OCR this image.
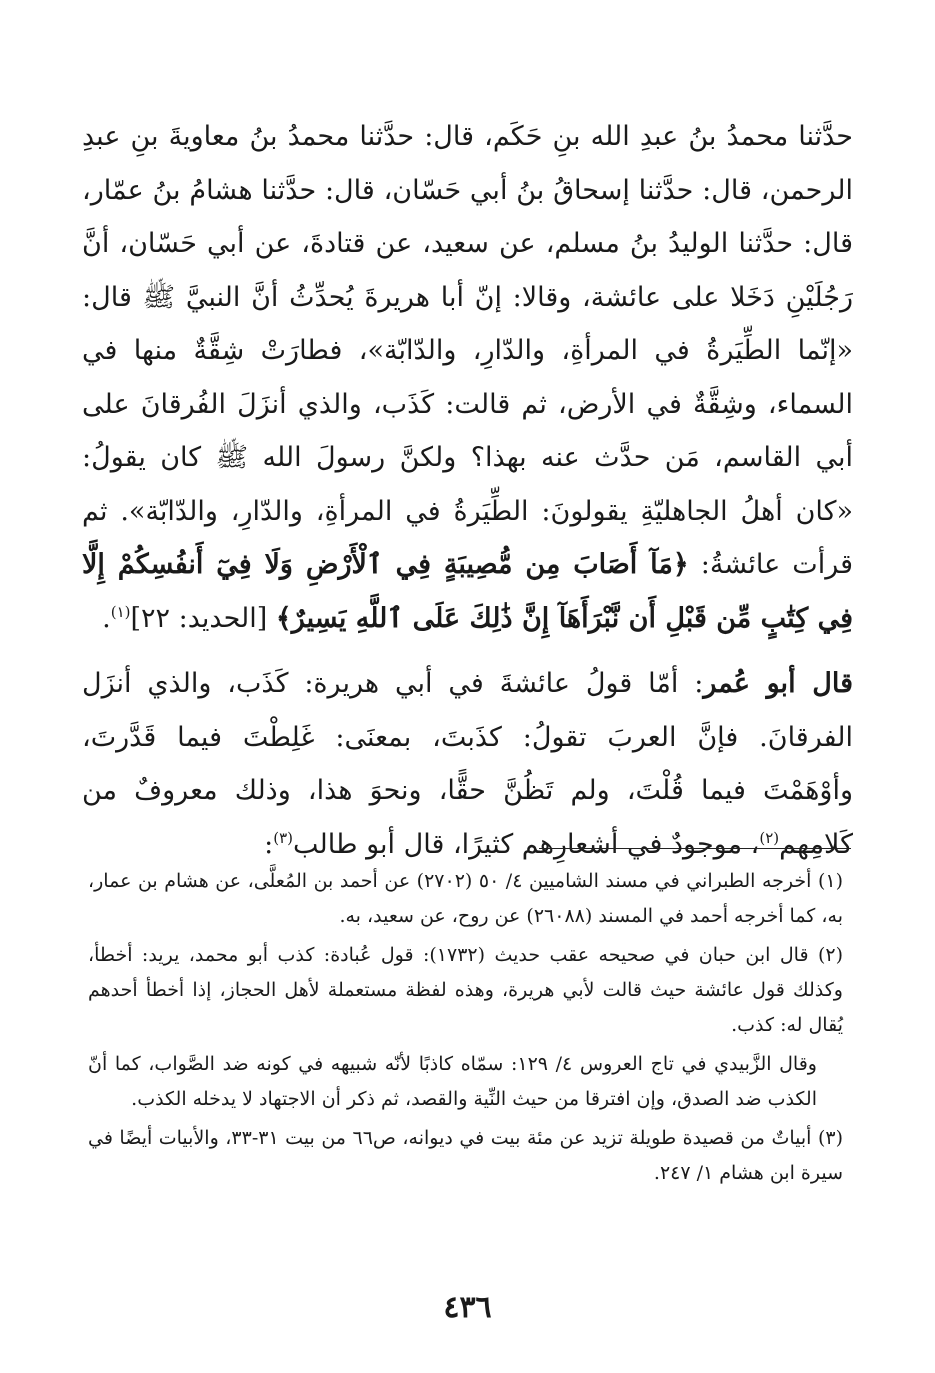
حدَّثنا محمدُ بنُ عبدِ الله بنِ حَكَم، قال: حدَّثنا محمدُ بنُ معاويةَ بنِ عبدِ الرحمن، قال: حدَّثنا إسحاقُ بنُ أبي حَسّان، قال: حدَّثنا هشامُ بنُ عمّار، قال: حدَّثنا الوليدُ بنُ مسلم، عن سعيد، عن قتادةَ، عن أبي حَسّان، أنَّ رَجُلَيْنِ دَخَلا على عائشة، وقالا: إنّ أبا هريرةَ يُحدِّثُ أنَّ النبيَّ ﷺ قال: «إنّما الطِّيَرةُ في المرأةِ، والدّارِ، والدّابّة»، فطارَتْ شِقَّةٌ منها في السماء، وشِقَّةٌ في الأرض، ثم قالت: كَذَب، والذي أنزَلَ الفُرقانَ على أبي القاسم، مَن حدَّث عنه بهذا؟ ولكنَّ رسولَ الله ﷺ كان يقولُ: «كان أهلُ الجاهليّةِ يقولونَ: الطِّيَرةُ في المرأةِ، والدّارِ، والدّابّة». ثم قرأت عائشةُ: ﴿مَآ أَصَابَ مِن مُّصِيبَةٍ فِي ٱلْأَرْضِ وَلَا فِيٓ أَنفُسِكُمْ إِلَّا فِي كِتَٰبٍ مِّن قَبْلِ أَن نَّبْرَأَهَآ إِنَّ ذَٰلِكَ عَلَى ٱللَّهِ يَسِيرٌ﴾ [الحديد: ٢٢]$^{(١)}$.

قال أبو عُمر: أمّا قولُ عائشةَ في أبي هريرة: كَذَب، والذي أنزَل الفرقانَ. فإنَّ العربَ تقولُ: كذَبتَ، بمعنَى: غَلِطْتَ فيما قَدَّرتَ، وأوْهَمْتَ فيما قُلْتَ، ولم تَظُنَّ حقًّا، ونحوَ هذا، وذلك معروفٌ من كَلامِهم$^{(٢)}$، موجودٌ في أشعارِهم كثيرًا، قال أبو طالب$^{(٣)}$:

(١) أخرجه الطبراني في مسند الشاميين ٤/ ٥٠ (٢٧٠٢) عن أحمد بن المُعلَّى، عن هشام بن عمار، به، كما أخرجه أحمد في المسند (٢٦٠٨٨) عن روح، عن سعيد، به.

(٢) قال ابن حبان في صحيحه عقب حديث (١٧٣٢): قول عُبادة: كذب أبو محمد، يريد: أخطأ، وكذلك قول عائشة حيث قالت لأبي هريرة، وهذه لفظة مستعملة لأهل الحجاز، إذا أخطأ أحدهم يُقال له: كذب.

وقال الزَّبيدي في تاج العروس ٤/ ١٢٩: سمّاه كاذبًا لأنّه شبيهه في كونه ضد الصَّواب، كما أنّ الكذب ضد الصدق، وإن افترقا من حيث النِّية والقصد، ثم ذكر أن الاجتهاد لا يدخله الكذب.

(٣) أبياتٌ من قصيدة طويلة تزيد عن مئة بيت في ديوانه، ص٦٦ من بيت ٣١-٣٣، والأبيات أيضًا في سيرة ابن هشام ١/ ٢٤٧.

٤٣٦
